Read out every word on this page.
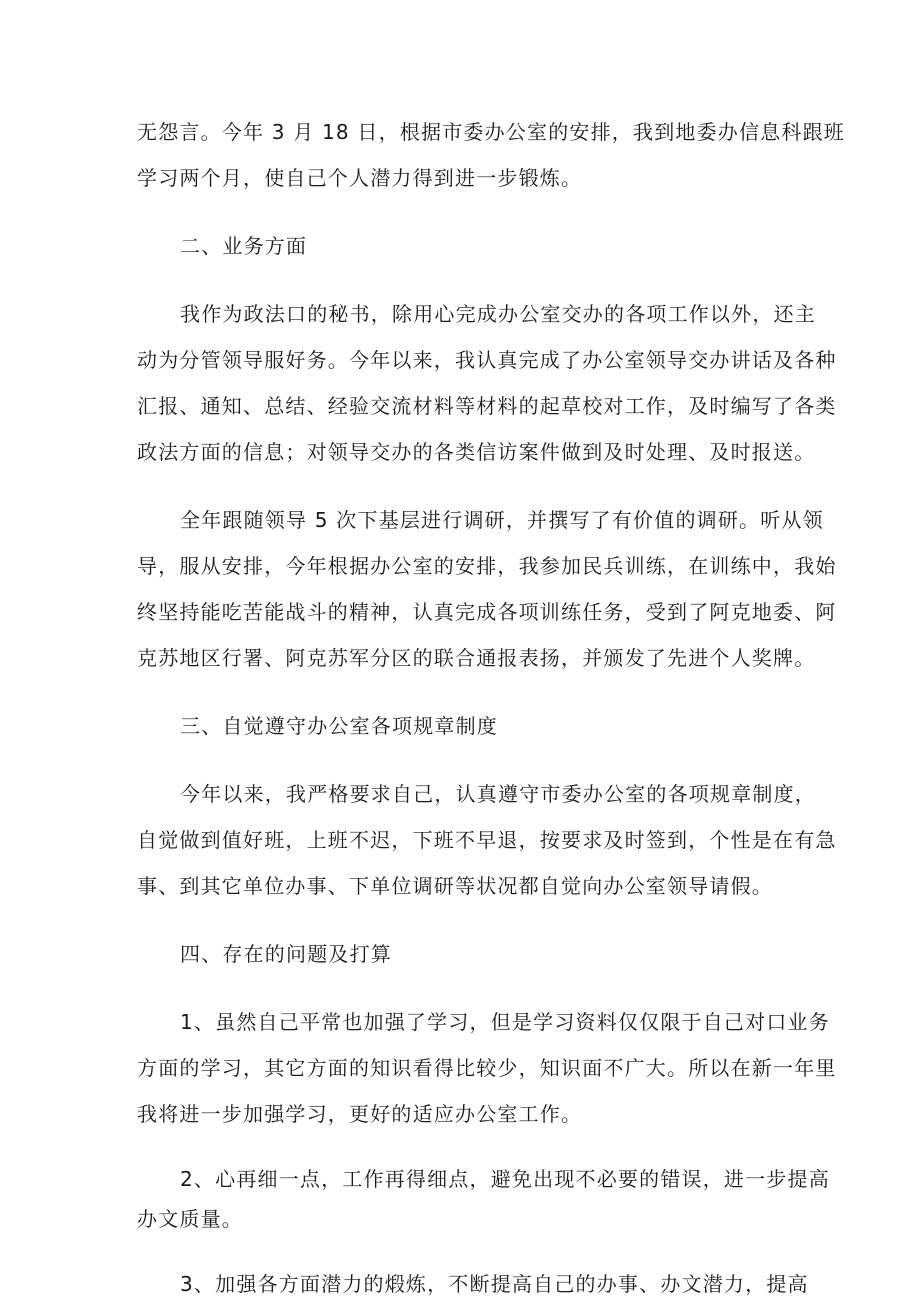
无怨言。今年 3 月 18 日，根据市委办公室的安排，我到地委办信息科跟班
学习两个月，使自己个人潜力得到进一步锻炼。
二、业务方面
我作为政法口的秘书，除用心完成办公室交办的各项工作以外，还主
动为分管领导服好务。今年以来，我认真完成了办公室领导交办讲话及各种
汇报、通知、总结、经验交流材料等材料的起草校对工作，及时编写了各类
政法方面的信息；对领导交办的各类信访案件做到及时处理、及时报送。
全年跟随领导 5 次下基层进行调研，并撰写了有价值的调研。听从领
导，服从安排，今年根据办公室的安排，我参加民兵训练，在训练中，我始
终坚持能吃苦能战斗的精神，认真完成各项训练任务，受到了阿克地委、阿
克苏地区行署、阿克苏军分区的联合通报表扬，并颁发了先进个人奖牌。
三、自觉遵守办公室各项规章制度
今年以来，我严格要求自己，认真遵守市委办公室的各项规章制度，
自觉做到值好班，上班不迟，下班不早退，按要求及时签到，个性是在有急
事、到其它单位办事、下单位调研等状况都自觉向办公室领导请假。
四、存在的问题及打算
1、虽然自己平常也加强了学习，但是学习资料仅仅限于自己对口业务
方面的学习，其它方面的知识看得比较少，知识面不广大。所以在新一年里
我将进一步加强学习，更好的适应办公室工作。
2、心再细一点，工作再得细点，避免出现不必要的错误，进一步提高
办文质量。
3、加强各方面潜力的煅炼，不断提高自己的办事、办文潜力，提高
